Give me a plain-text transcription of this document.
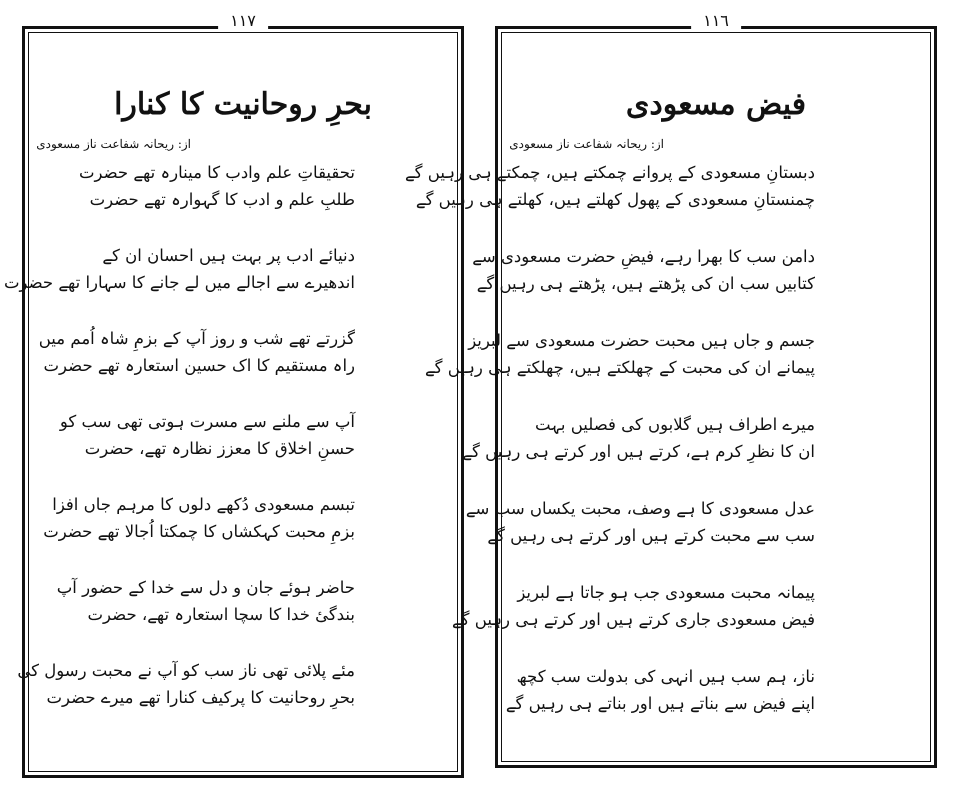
١١٧
بحرِ روحانیت کا کنارا
از: ریحانہ شفاعت ناز مسعودی
تحقیقاتِ علم وادب کا مینارہ تھے حضرت
طلبِ علم و ادب کا گہوارہ تھے حضرت
دنیائے ادب پر بہت ہیں احسان ان کے
اندھیرے سے اجالے میں لے جانے کا سہارا تھے حضرت
گزرتے تھے شب و روز آپ کے بزمِ شاہ اُمم میں
راہ مستقیم کا اک حسین استعارہ تھے حضرت
آپ سے ملنے سے مسرت ہوتی تھی سب کو
حسنِ اخلاق کا معزز نظارہ تھے، حضرت
تبسم مسعودی دُکھے دلوں کا مرہم جاں افزا
بزمِ محبت کہکشاں کا چمکتا اُجالا تھے حضرت
حاضر ہوئے جان و دل سے خدا کے حضور آپ
بندگیٔ خدا کا سچا استعارہ تھے، حضرت
مئے پلائی تھی ناز سب کو آپ نے محبت رسول کی
بحرِ روحانیت کا پرکیف کنارا تھے میرے حضرت
١١٦
فیض مسعودی
از: ریحانہ شفاعت ناز مسعودی
دبستانِ مسعودی کے پروانے چمکتے ہیں، چمکتے ہی رہیں گے
چمنستانِ مسعودی کے پھول کھلتے ہیں، کھلتے ہی رہیں گے
دامن سب کا بھرا رہے، فیضِ حضرت مسعودی سے
کتابیں سب ان کی پڑھتے ہیں، پڑھتے ہی رہیں گے
جسم و جاں ہیں محبت حضرت مسعودی سے لبریز
پیمانے ان کی محبت کے چھلکتے ہیں، چھلکتے ہی رہیں گے
میرے اطراف ہیں گلابوں کی فصلیں بہت
ان کا نظرِ کرم ہے، کرتے ہیں اور کرتے ہی رہیں گے
عدل مسعودی کا ہے وصف، محبت یکساں سب سے
سب سے محبت کرتے ہیں اور کرتے ہی رہیں گے
پیمانہ محبت مسعودی جب ہو جاتا ہے لبریز
فیض مسعودی جاری کرتے ہیں اور کرتے ہی رہیں گے
ناز، ہم سب ہیں انہی کی بدولت سب کچھ
اپنے فیض سے بناتے ہیں اور بناتے ہی رہیں گے
